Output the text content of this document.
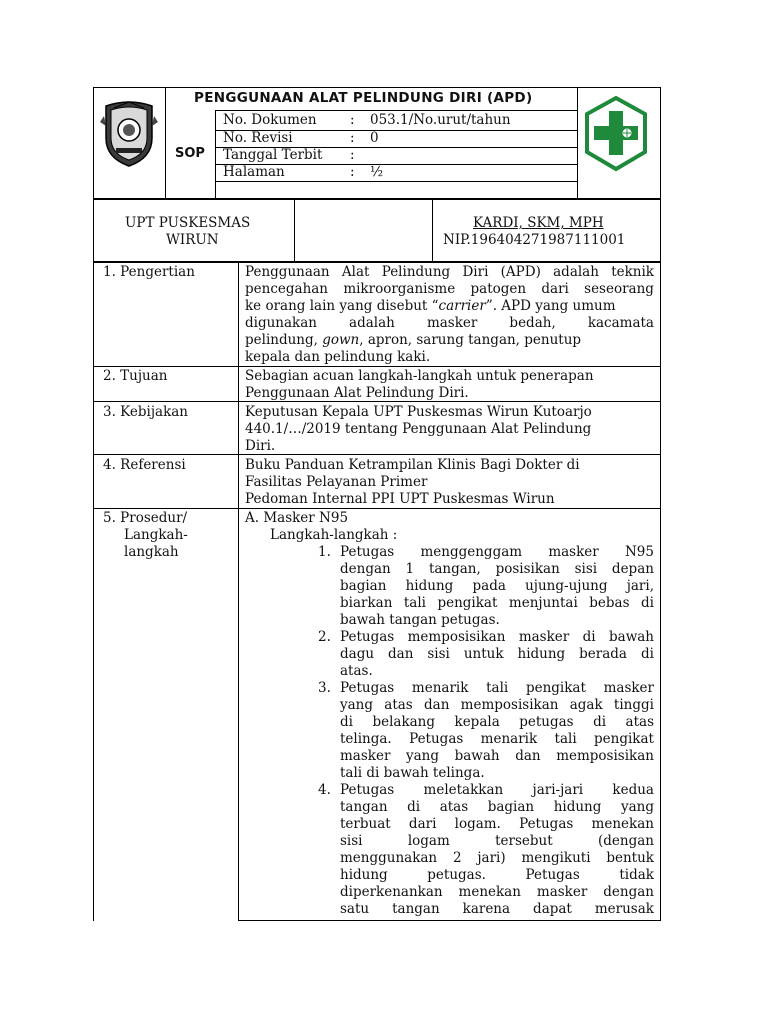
PENGGUNAAN ALAT PELINDUNG DIRI (APD)
SOP
No. Dokumen : 053.1/No.urut/tahun
No. Revisi	: 0
Tanggal Terbit :
Halaman	: ½
UPT PUSKESMAS
WIRUN
KARDI, SKM, MPH
NIP.196404271987111001
1. Pengertian	Penggunaan Alat Pelindung Diri (APD) adalah teknik
pencegahan mikroorganisme patogen dari seseorang
ke orang lain yang disebut “carrier”. APD yang umum
digunakan adalah masker bedah, kacamata
pelindung, gown, apron, sarung tangan, penutup
kepala dan pelindung kaki.
2. Tujuan	Sebagian acuan langkah-langkah untuk penerapan
Penggunaan Alat Pelindung Diri.
3. Kebijakan	Keputusan Kepala UPT Puskesmas Wirun Kutoarjo
440.1/…/2019 tentang Penggunaan Alat Pelindung
Diri.
4. Referensi	Buku Panduan Ketrampilan Klinis Bagi Dokter di
Fasilitas Pelayanan Primer
Pedoman Internal PPI UPT Puskesmas Wirun
5. Prosedur/
Langkah-
langkah
A. Masker N95
Langkah-langkah :
1. Petugas menggenggam masker N95
dengan 1 tangan, posisikan sisi depan
bagian hidung pada ujung-ujung jari,
biarkan tali pengikat menjuntai bebas di
bawah tangan petugas.
2. Petugas memposisikan masker di bawah
dagu dan sisi untuk hidung berada di
atas.
3. Petugas menarik tali pengikat masker
yang atas dan memposisikan agak tinggi
di belakang kepala petugas di atas
telinga. Petugas menarik tali pengikat
masker yang bawah dan memposisikan
tali di bawah telinga.
4. Petugas meletakkan jari-jari kedua
tangan di atas bagian hidung yang
terbuat dari logam. Petugas menekan
sisi	logam	tersebut	(dengan
menggunakan 2 jari) mengikuti bentuk
hidung	petugas.	Petugas	tidak
diperkenankan menekan masker dengan
satu tangan karena dapat merusak
